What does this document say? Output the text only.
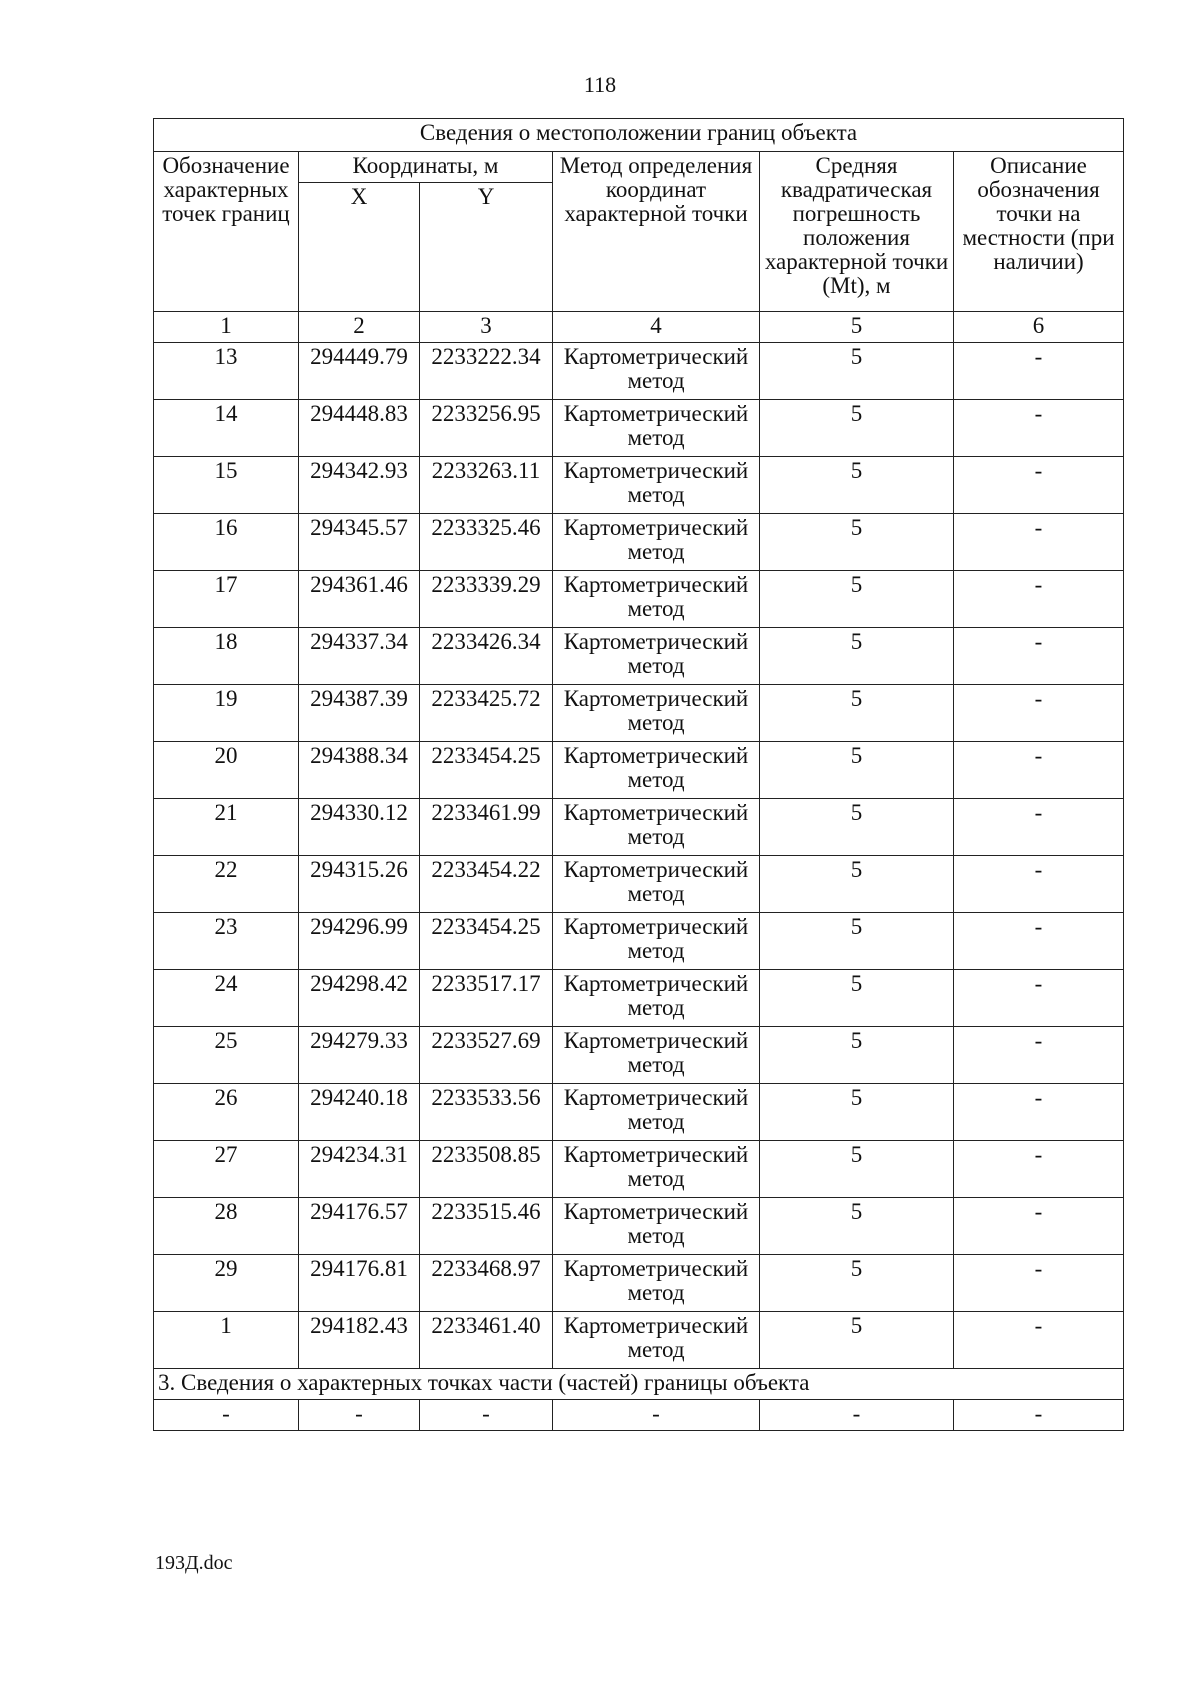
118
Сведения о местоположении границ объекта					
Обозначение характерных точек границ	Координаты, м		Метод определения координат характерной точки	Средняя квадратическая погрешность положения характерной точки (Mt), м	Описание обозначения точки на местности (при наличии)
	X	Y			
1	2	3	4	5	6
13	294449.79	2233222.34	Картометрический метод	5	-
14	294448.83	2233256.95	Картометрический метод	5	-
15	294342.93	2233263.11	Картометрический метод	5	-
16	294345.57	2233325.46	Картометрический метод	5	-
17	294361.46	2233339.29	Картометрический метод	5	-
18	294337.34	2233426.34	Картометрический метод	5	-
19	294387.39	2233425.72	Картометрический метод	5	-
20	294388.34	2233454.25	Картометрический метод	5	-
21	294330.12	2233461.99	Картометрический метод	5	-
22	294315.26	2233454.22	Картометрический метод	5	-
23	294296.99	2233454.25	Картометрический метод	5	-
24	294298.42	2233517.17	Картометрический метод	5	-
25	294279.33	2233527.69	Картометрический метод	5	-
26	294240.18	2233533.56	Картометрический метод	5	-
27	294234.31	2233508.85	Картометрический метод	5	-
28	294176.57	2233515.46	Картометрический метод	5	-
29	294176.81	2233468.97	Картометрический метод	5	-
1	294182.43	2233461.40	Картометрический метод	5	-
3. Сведения о характерных точках части (частей) границы объекта					
-	-	-	-	-	-
193Д.doc
